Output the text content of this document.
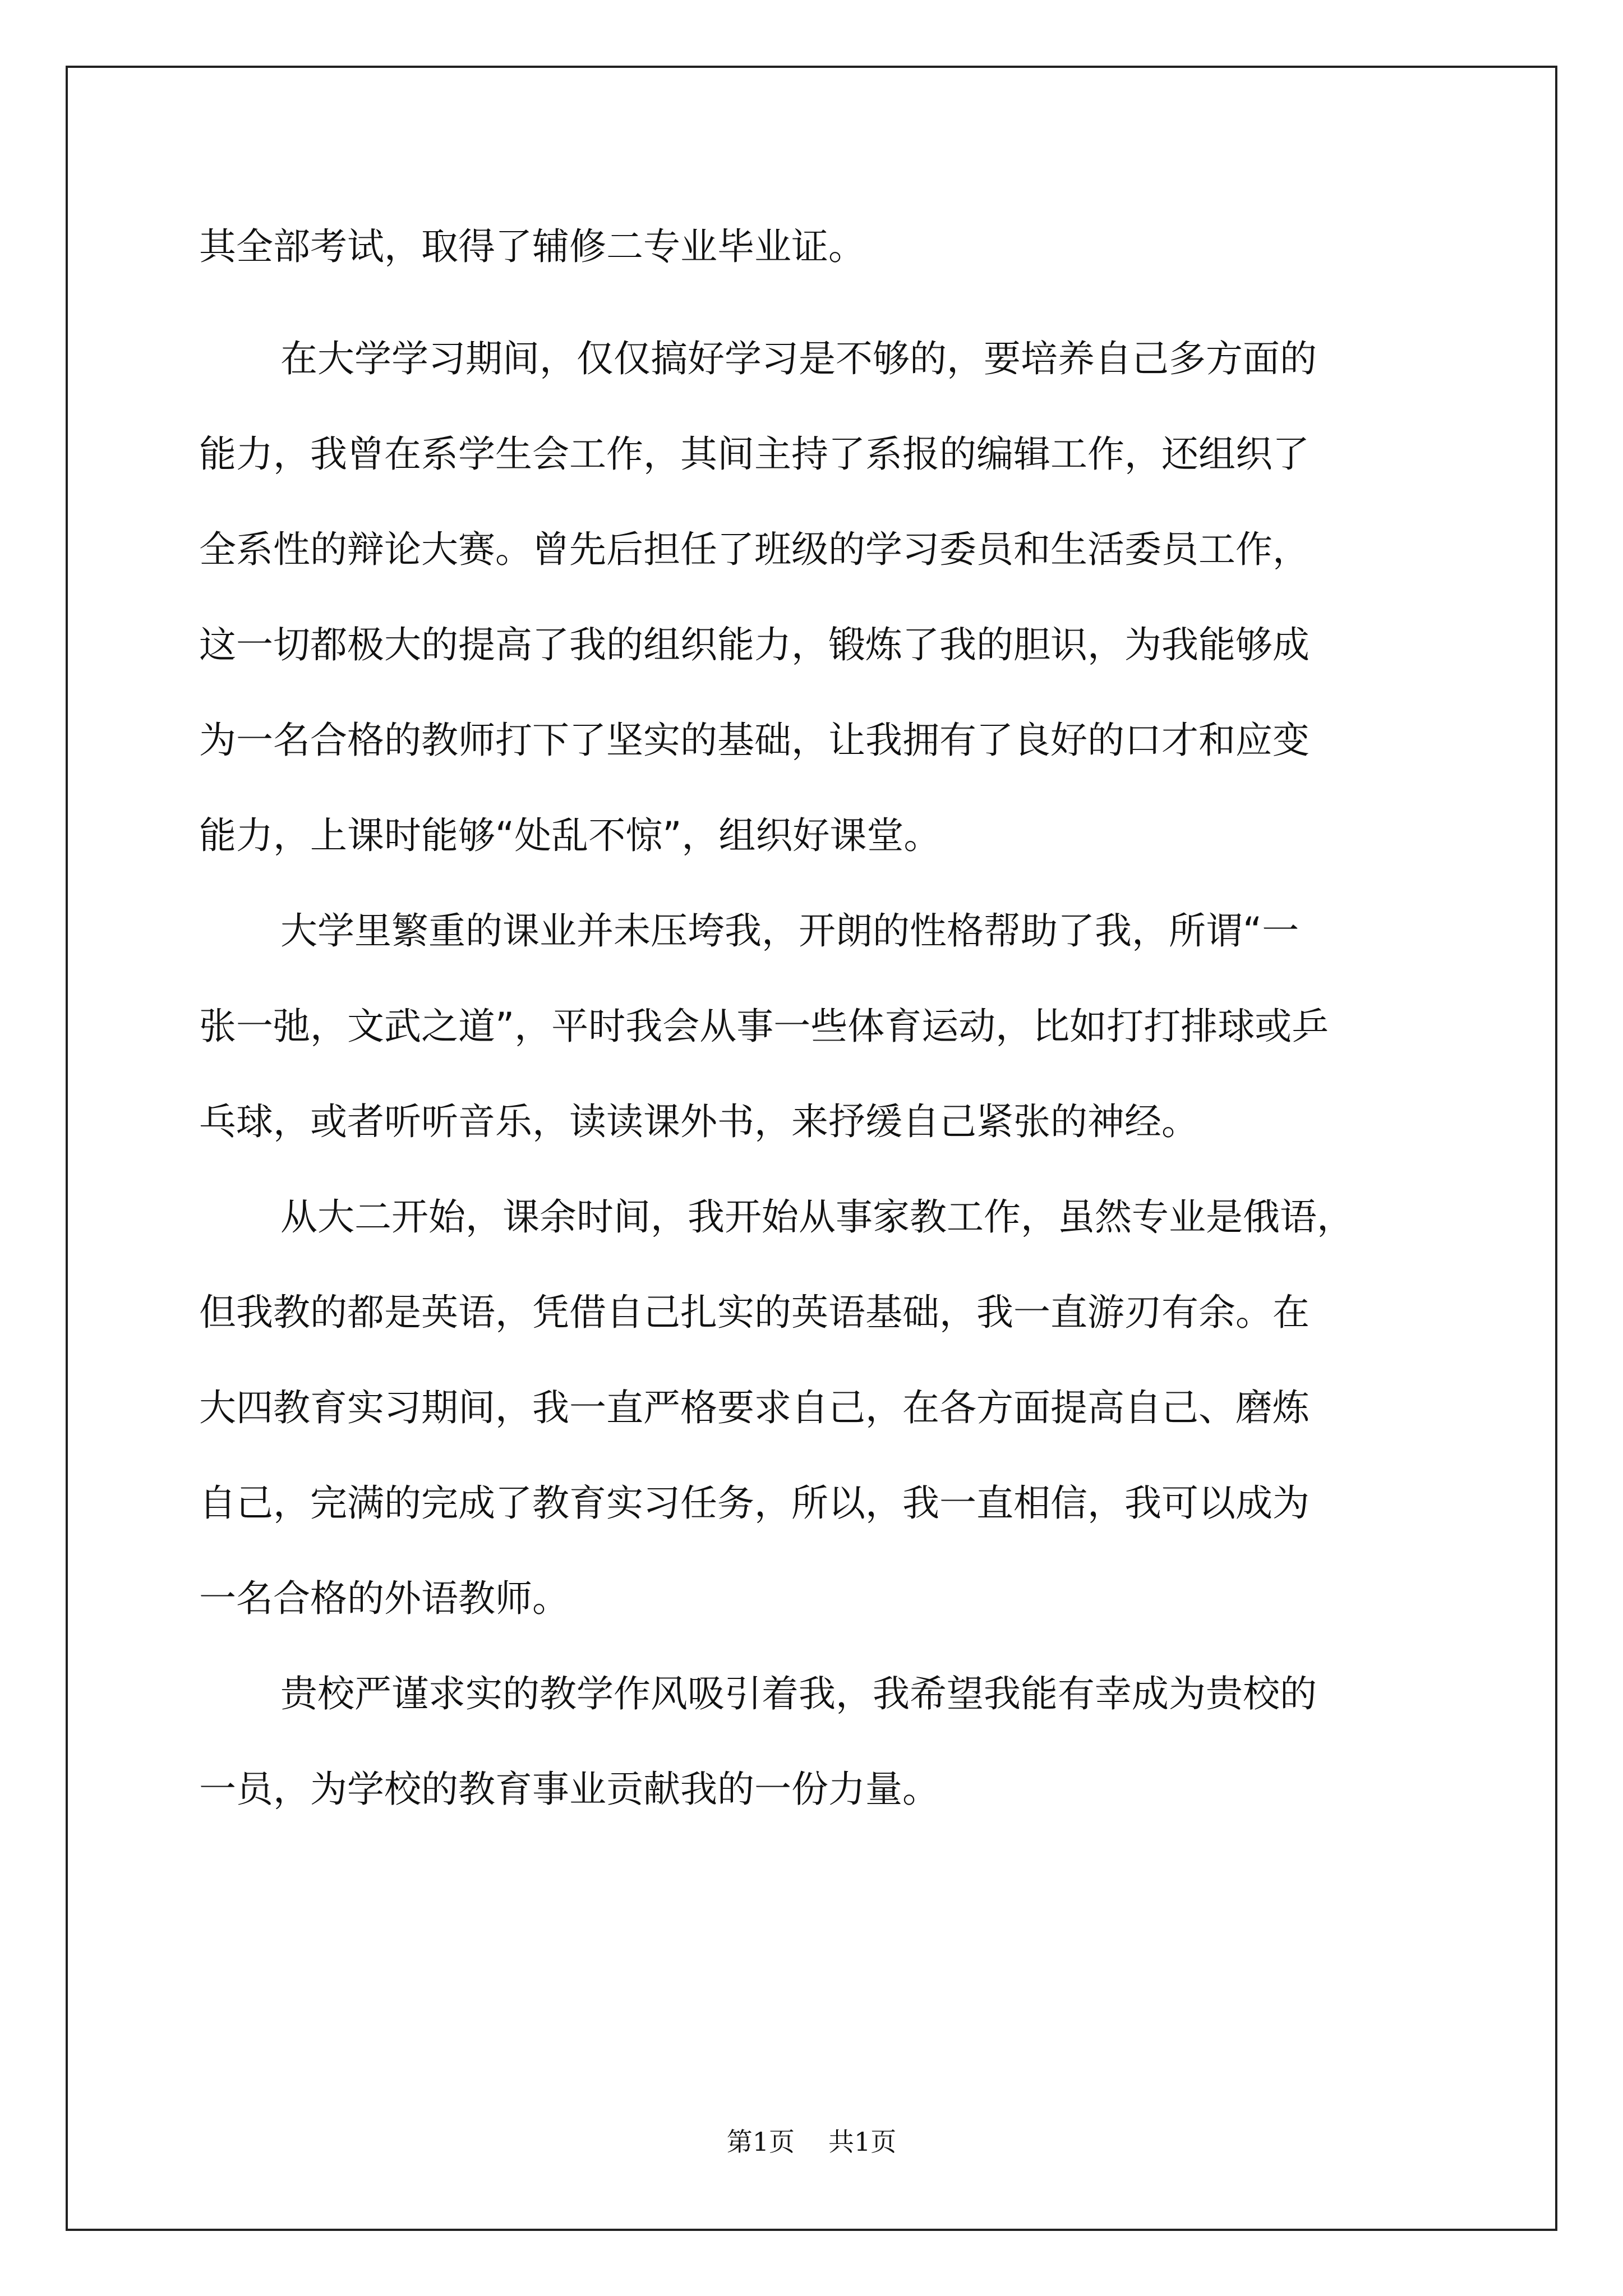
其全部考试，取得了辅修二专业毕业证。
在大学学习期间，仅仅搞好学习是不够的，要培养自己多方面的
能力，我曾在系学生会工作，其间主持了系报的编辑工作，还组织了
全系性的辩论大赛。曾先后担任了班级的学习委员和生活委员工作，
这一切都极大的提高了我的组织能力，锻炼了我的胆识，为我能够成
为一名合格的教师打下了坚实的基础，让我拥有了良好的口才和应变
能力，上课时能够“处乱不惊”，组织好课堂。
大学里繁重的课业并未压垮我，开朗的性格帮助了我，所谓“一
张一弛，文武之道”，平时我会从事一些体育运动，比如打打排球或乒
乓球，或者听听音乐，读读课外书，来抒缓自己紧张的神经。
从大二开始，课余时间，我开始从事家教工作，虽然专业是俄语，
但我教的都是英语，凭借自己扎实的英语基础，我一直游刃有余。在
大四教育实习期间，我一直严格要求自己，在各方面提高自己、磨炼
自己，完满的完成了教育实习任务，所以，我一直相信，我可以成为
一名合格的外语教师。
贵校严谨求实的教学作风吸引着我，我希望我能有幸成为贵校的
一员，为学校的教育事业贡献我的一份力量。
第1页 共1页
